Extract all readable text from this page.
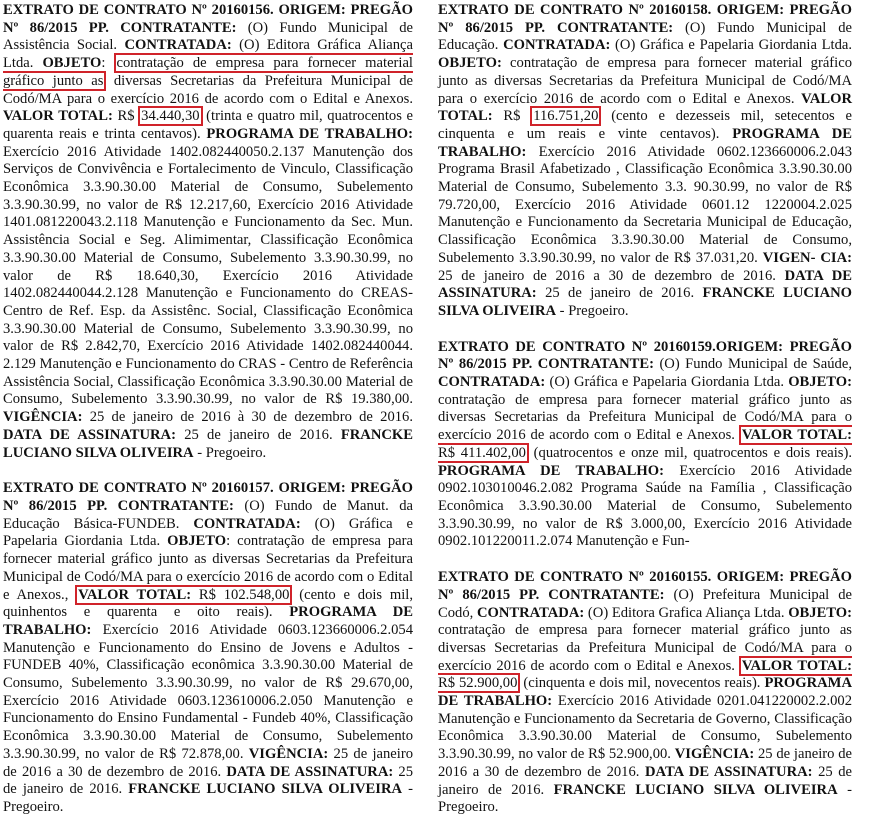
EXTRATO DE CONTRATO Nº 20160156. ORIGEM: PREGÃO Nº 86/2015 PP. CONTRATANTE: (O) Fundo Municipal de Assistência Social. CONTRATADA: (O) Editora Gráfica Aliança Ltda. OBJETO: contratação de empresa para fornecer material gráfico junto as diversas Secretarias da Prefeitura Municipal de Codó/MA para o exercício 2016 de acordo com o Edital e Anexos. VALOR TOTAL: R$ 34.440,30 (trinta e quatro mil, quatrocentos e quarenta reais e trinta centavos). PROGRAMA DE TRABALHO: Exercício 2016 Atividade 1402.082440050.2.137 Manutenção dos Serviços de Convivência e Fortalecimento de Vinculo, Classificação Econômica 3.3.90.30.00 Material de Consumo, Subelemento 3.3.90.30.99, no valor de R$ 12.217,60, Exercício 2016 Atividade 1401.081220043.2.118 Manutenção e Funcionamento da Sec. Mun. Assistência Social e Seg. Alimimentar, Classificação Econômica 3.3.90.30.00 Material de Consumo, Subelemento 3.3.90.30.99, no valor de R$ 18.640,30, Exercício 2016 Atividade 1402.082440044.2.128 Manutenção e Funcionamento do CREAS-Centro de Ref. Esp. da Assistênc. Social, Classificação Econômica 3.3.90.30.00 Material de Consumo, Subelemento 3.3.90.30.99, no valor de R$ 2.842,70, Exercício 2016 Atividade 1402.082440044. 2.129 Manutenção e Funcionamento do CRAS - Centro de Referência Assistência Social, Classificação Econômica 3.3.90.30.00 Material de Consumo, Subelemento 3.3.90.30.99, no valor de R$ 19.380,00. VIGÊNCIA: 25 de janeiro de 2016 à 30 de dezembro de 2016. DATA DE ASSINATURA: 25 de janeiro de 2016. FRANCKE LUCIANO SILVA OLIVEIRA - Pregoeiro.

EXTRATO DE CONTRATO Nº 20160157. ORIGEM: PREGÃO Nº 86/2015 PP. CONTRATANTE: (O) Fundo de Manut. da Educação Básica-FUNDEB. CONTRATADA: (O) Gráfica e Papelaria Giordania Ltda. OBJETO: contratação de empresa para fornecer material gráfico junto as diversas Secretarias da Prefeitura Municipal de Codó/MA para o exercício 2016 de acordo com o Edital e Anexos., VALOR TOTAL: R$ 102.548,00 (cento e dois mil, quinhentos e quarenta e oito reais). PROGRAMA DE TRABALHO: Exercício 2016 Atividade 0603.123660006.2.054 Manutenção e Funcionamento do Ensino de Jovens e Adultos - FUNDEB 40%, Classificação econômica 3.3.90.30.00 Material de Consumo, Subelemento 3.3.90.30.99, no valor de R$ 29.670,00, Exercício 2016 Atividade 0603.123610006.2.050 Manutenção e Funcionamento do Ensino Fundamental - Fundeb 40%, Classificação Econômica 3.3.90.30.00 Material de Consumo, Subelemento 3.3.90.30.99, no valor de R$ 72.878,00. VIGÊNCIA: 25 de janeiro de 2016 a 30 de dezembro de 2016. DATA DE ASSINATURA: 25 de janeiro de 2016. FRANCKE LUCIANO SILVA OLIVEIRA - Pregoeiro.

EXTRATO DE CONTRATO Nº 20160158. ORIGEM: PREGÃO Nº 86/2015 PP. CONTRATANTE: (O) Fundo Municipal de Educação. CONTRATADA: (O) Gráfica e Papelaria Giordania Ltda. OBJETO: contratação de empresa para fornecer material gráfico junto as diversas Secretarias da Prefeitura Municipal de Codó/MA para o exercício 2016 de acordo com o Edital e Anexos. VALOR TOTAL: R$ 116.751,20 (cento e dezesseis mil, setecentos e cinquenta e um reais e vinte centavos). PROGRAMA DE TRABALHO: Exercício 2016 Atividade 0602.123660006.2.043 Programa Brasil Afabetizado , Classificação Econômica 3.3.90.30.00 Material de Consumo, Subelemento 3.3. 90.30.99, no valor de R$ 79.720,00, Exercício 2016 Atividade 0601.12 1220004.2.025 Manutenção e Funcionamento da Secretaria Municipal de Educação, Classificação Econômica 3.3.90.30.00 Material de Consumo, Subelemento 3.3.90.30.99, no valor de R$ 37.031,20. VIGEN- CIA: 25 de janeiro de 2016 a 30 de dezembro de 2016. DATA DE ASSINATURA: 25 de janeiro de 2016. FRANCKE LUCIANO SILVA OLIVEIRA - Pregoeiro.

EXTRATO DE CONTRATO Nº 20160159.ORIGEM: PREGÃO Nº 86/2015 PP. CONTRATANTE: (O) Fundo Municipal de Saúde, CONTRATADA: (O) Gráfica e Papelaria Giordania Ltda. OBJETO: contratação de empresa para fornecer material gráfico junto as diversas Secretarias da Prefeitura Municipal de Codó/MA para o exercício 2016 de acordo com o Edital e Anexos. VALOR TOTAL: R$ 411.402,00 (quatrocentos e onze mil, quatrocentos e dois reais). PROGRAMA DE TRABALHO: Exercício 2016 Atividade 0902.103010046.2.082 Programa Saúde na Família , Classificação Econômica 3.3.90.30.00 Material de Consumo, Subelemento 3.3.90.30.99, no valor de R$ 3.000,00, Exercício 2016 Atividade 0902.101220011.2.074 Manutenção e Fun-

EXTRATO DE CONTRATO Nº 20160155. ORIGEM: PREGÃO Nº 86/2015 PP. CONTRATANTE: (O) Prefeitura Municipal de Codó, CONTRATADA: (O) Editora Grafica Aliança Ltda. OBJETO: contratação de empresa para fornecer material gráfico junto as diversas Secretarias da Prefeitura Municipal de Codó/MA para o exercício 2016 de acordo com o Edital e Anexos. VALOR TOTAL: R$ 52.900,00 (cinquenta e dois mil, novecentos reais). PROGRAMA DE TRABALHO: Exercício 2016 Atividade 0201.041220002.2.002 Manutenção e Funcionamento da Secretaria de Governo, Classificação Econômica 3.3.90.30.00 Material de Consumo, Subelemento 3.3.90.30.99, no valor de R$ 52.900,00. VIGÊNCIA: 25 de janeiro de 2016 a 30 de dezembro de 2016. DATA DE ASSINATURA: 25 de janeiro de 2016. FRANCKE LUCIANO SILVA OLIVEIRA - Pregoeiro.
